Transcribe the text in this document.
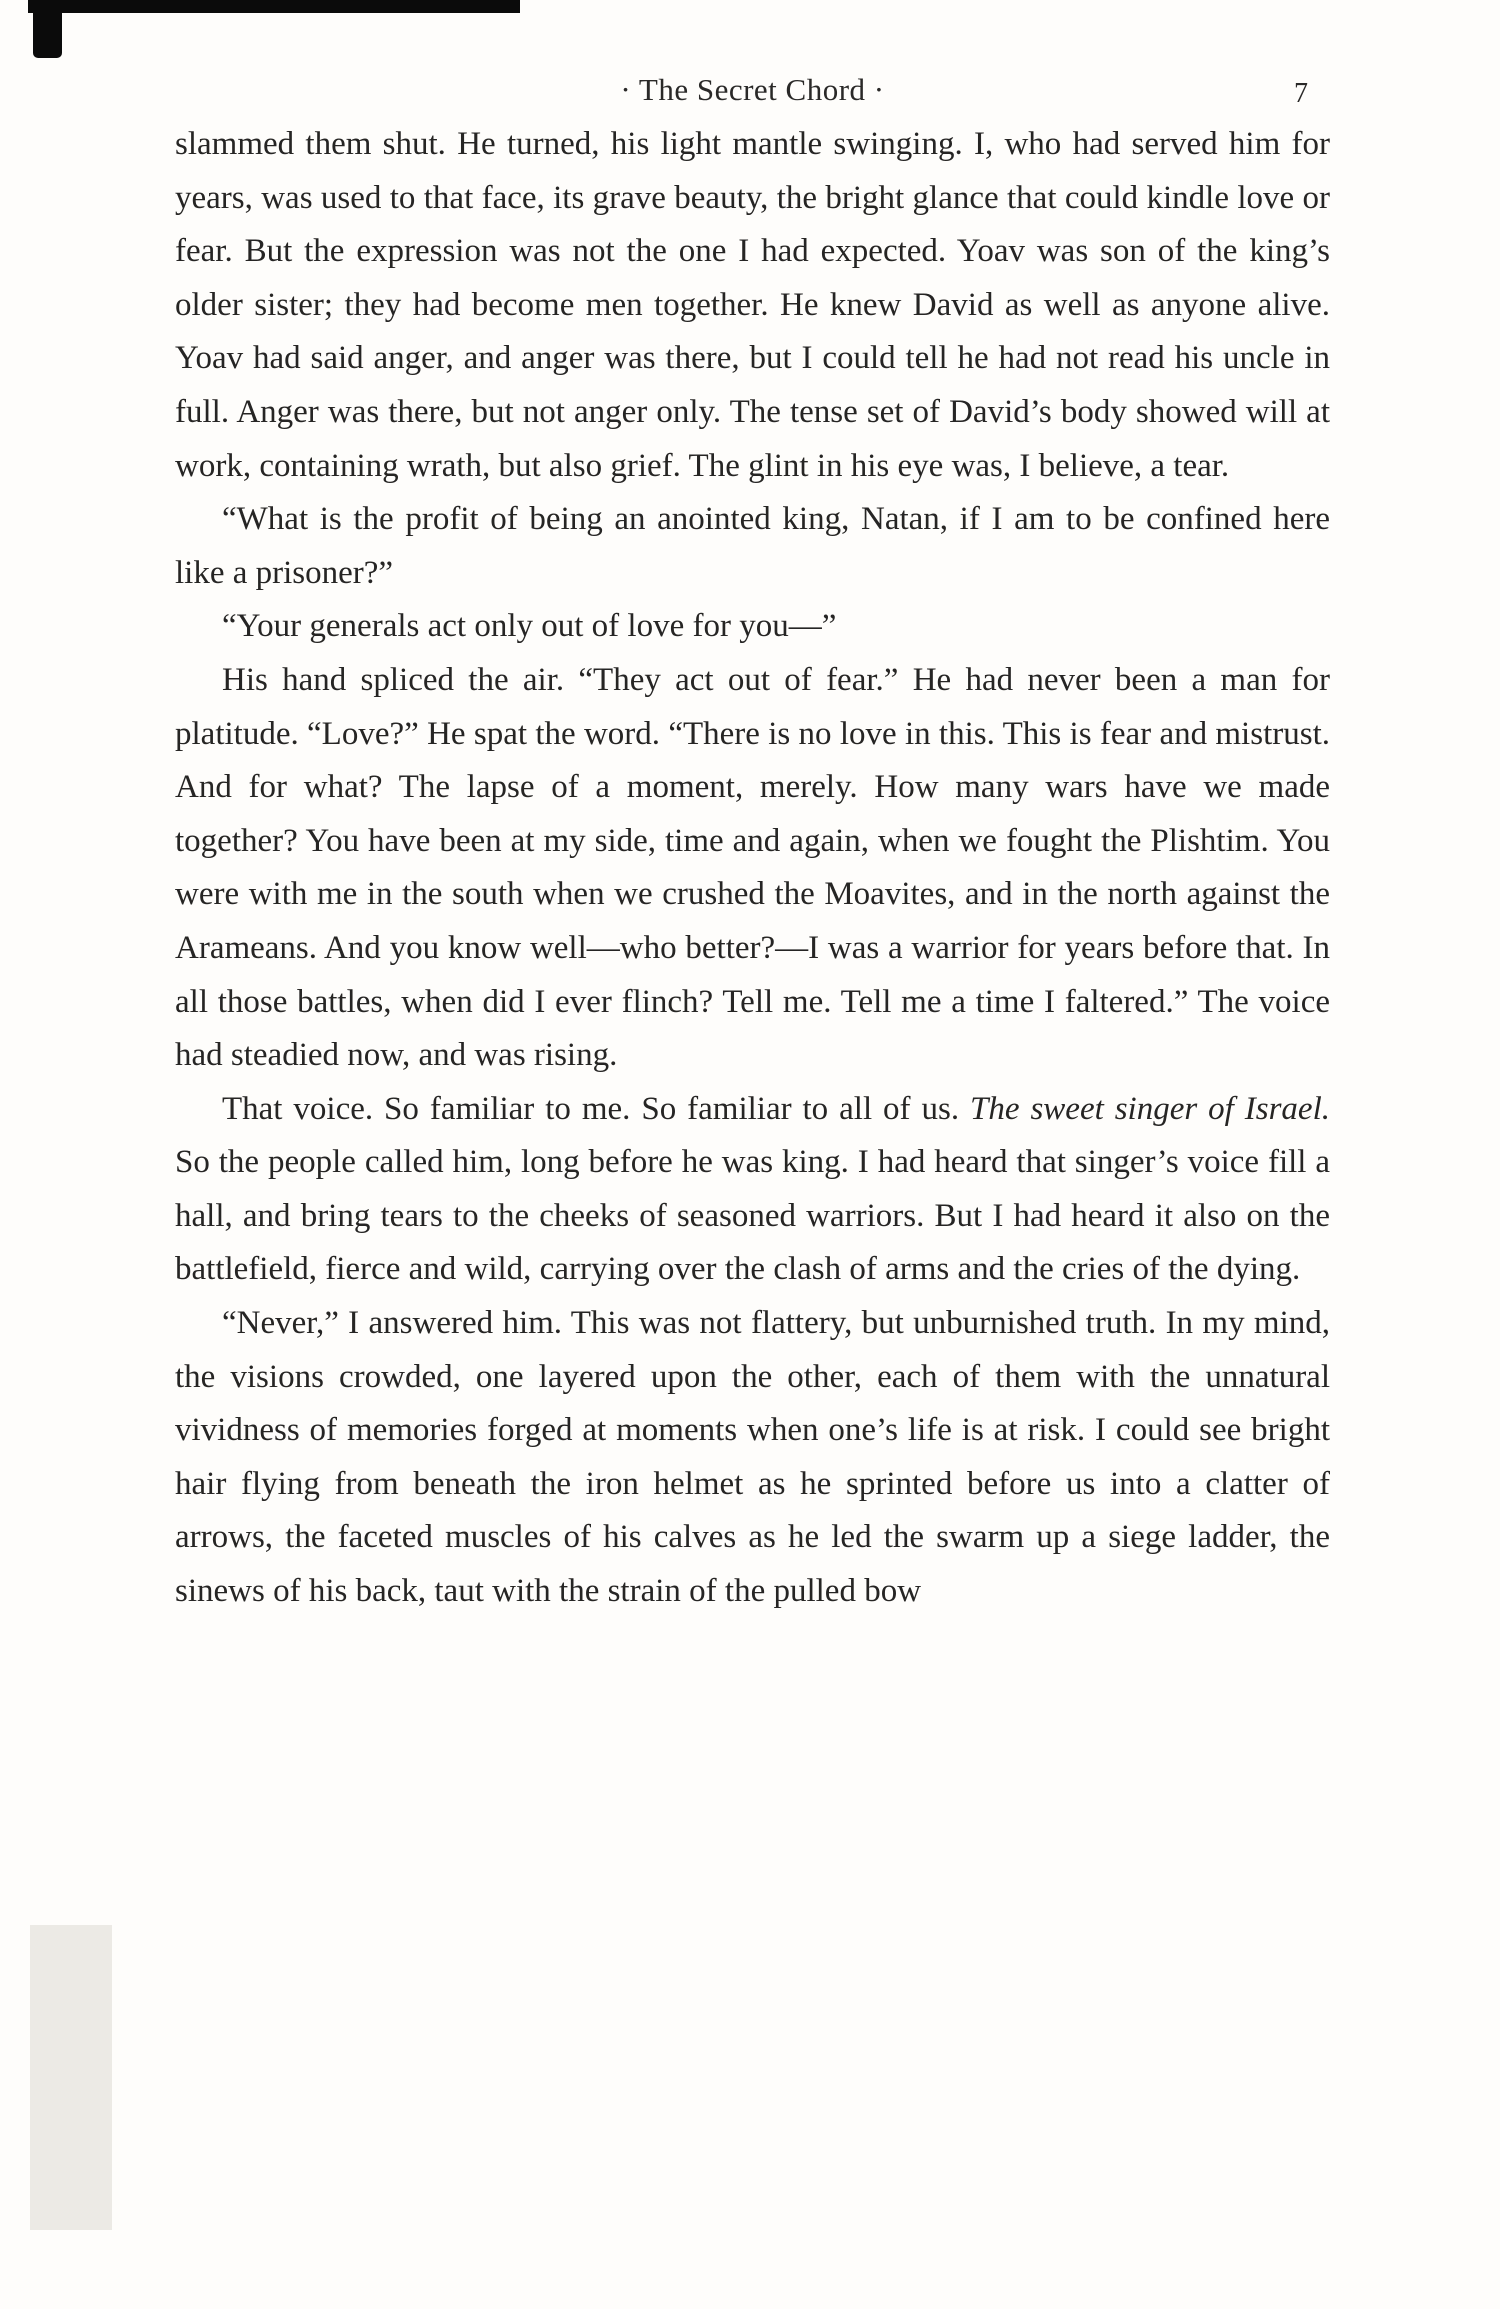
· The Secret Chord ·	7

slammed them shut. He turned, his light mantle swinging. I, who had served him for years, was used to that face, its grave beauty, the bright glance that could kindle love or fear. But the expression was not the one I had expected. Yoav was son of the king’s older sister; they had become men together. He knew David as well as anyone alive. Yoav had said anger, and anger was there, but I could tell he had not read his uncle in full. Anger was there, but not anger only. The tense set of David’s body showed will at work, containing wrath, but also grief. The glint in his eye was, I believe, a tear.

“What is the profit of being an anointed king, Natan, if I am to be confined here like a prisoner?”

“Your generals act only out of love for you—”

His hand spliced the air. “They act out of fear.” He had never been a man for platitude. “Love?” He spat the word. “There is no love in this. This is fear and mistrust. And for what? The lapse of a moment, merely. How many wars have we made together? You have been at my side, time and again, when we fought the Plishtim. You were with me in the south when we crushed the Moavites, and in the north against the Arameans. And you know well—who better?—I was a warrior for years before that. In all those battles, when did I ever flinch? Tell me. Tell me a time I faltered.” The voice had steadied now, and was rising.

That voice. So familiar to me. So familiar to all of us. The sweet singer of Israel. So the people called him, long before he was king. I had heard that singer’s voice fill a hall, and bring tears to the cheeks of seasoned warriors. But I had heard it also on the battlefield, fierce and wild, carrying over the clash of arms and the cries of the dying.

“Never,” I answered him. This was not flattery, but unburnished truth. In my mind, the visions crowded, one layered upon the other, each of them with the unnatural vividness of memories forged at moments when one’s life is at risk. I could see bright hair flying from beneath the iron helmet as he sprinted before us into a clatter of arrows, the faceted muscles of his calves as he led the swarm up a siege ladder, the sinews of his back, taut with the strain of the pulled bow
